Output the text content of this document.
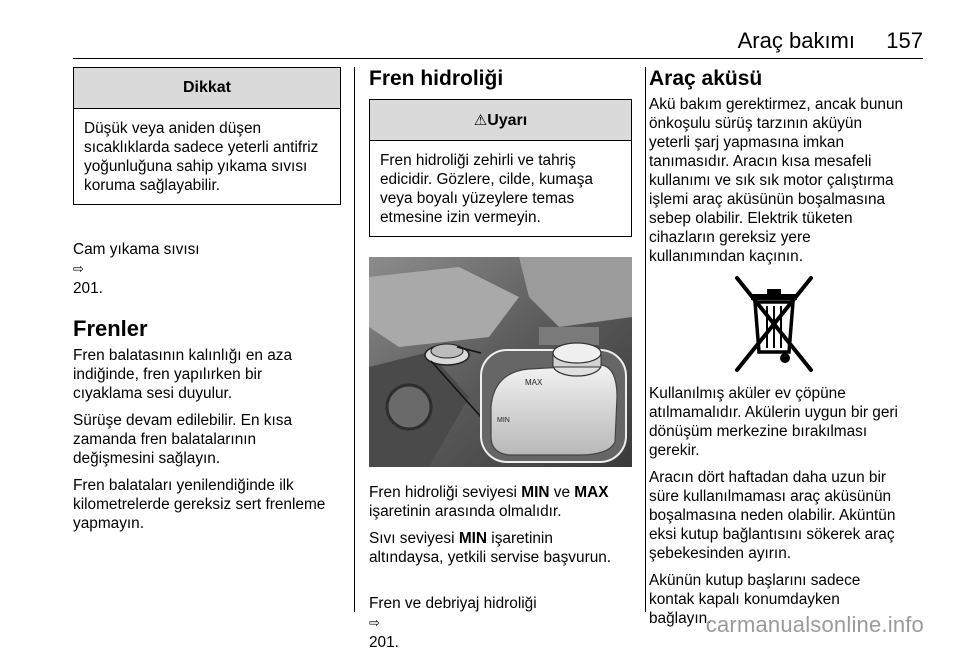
Araç bakımı 157
Dikkat
Düşük veya aniden düşen
sıcaklıklarda sadece yeterli antifriz
yoğunluğuna sahip yıkama sıvısı
koruma sağlayabilir.

Cam yıkama sıvısı
⇨
201.

Frenler

Fren balatasının kalınlığı en aza
indiğinde, fren yapılırken bir
cıyaklama sesi duyulur.

Sürüşe devam edilebilir. En kısa
zamanda fren balatalarının
değişmesini sağlayın.

Fren balataları yenilendiğinde ilk
kilometrelerde gereksiz sert frenleme
yapmayın.

Fren hidroliği
⚠Uyarı
Fren hidroliği zehirli ve tahriş
edicidir. Gözlere, cilde, kumaşa
veya boyalı yüzeylere temas
etmesine izin vermeyin.
MAX
MIN

Fren hidroliği seviyesi MIN ve MAX
işaretinin arasında olmalıdır.

Sıvı seviyesi MIN işaretinin
altındaysa, yetkili servise başvurun.

Fren ve debriyaj hidroliği
⇨
201.

Araç aküsü

Akü bakım gerektirmez, ancak bunun
önkoşulu sürüş tarzının aküyün
yeterli şarj yapmasına imkan
tanımasıdır. Aracın kısa mesafeli
kullanımı ve sık sık motor çalıştırma
işlemi araç aküsünün boşalmasına
sebep olabilir. Elektrik tüketen
cihazların gereksiz yere
kullanımından kaçının.

Kullanılmış aküler ev çöpüne
atılmamalıdır. Akülerin uygun bir geri
dönüşüm merkezine bırakılması
gerekir.

Aracın dört haftadan daha uzun bir
süre kullanılmaması araç aküsünün
boşalmasına neden olabilir. Aküntün
eksi kutup bağlantısını sökerek araç
şebekesinden ayırın.

Akünün kutup başlarını sadece
kontak kapalı konumdayken
bağlayın.

carmanualsonline.info
